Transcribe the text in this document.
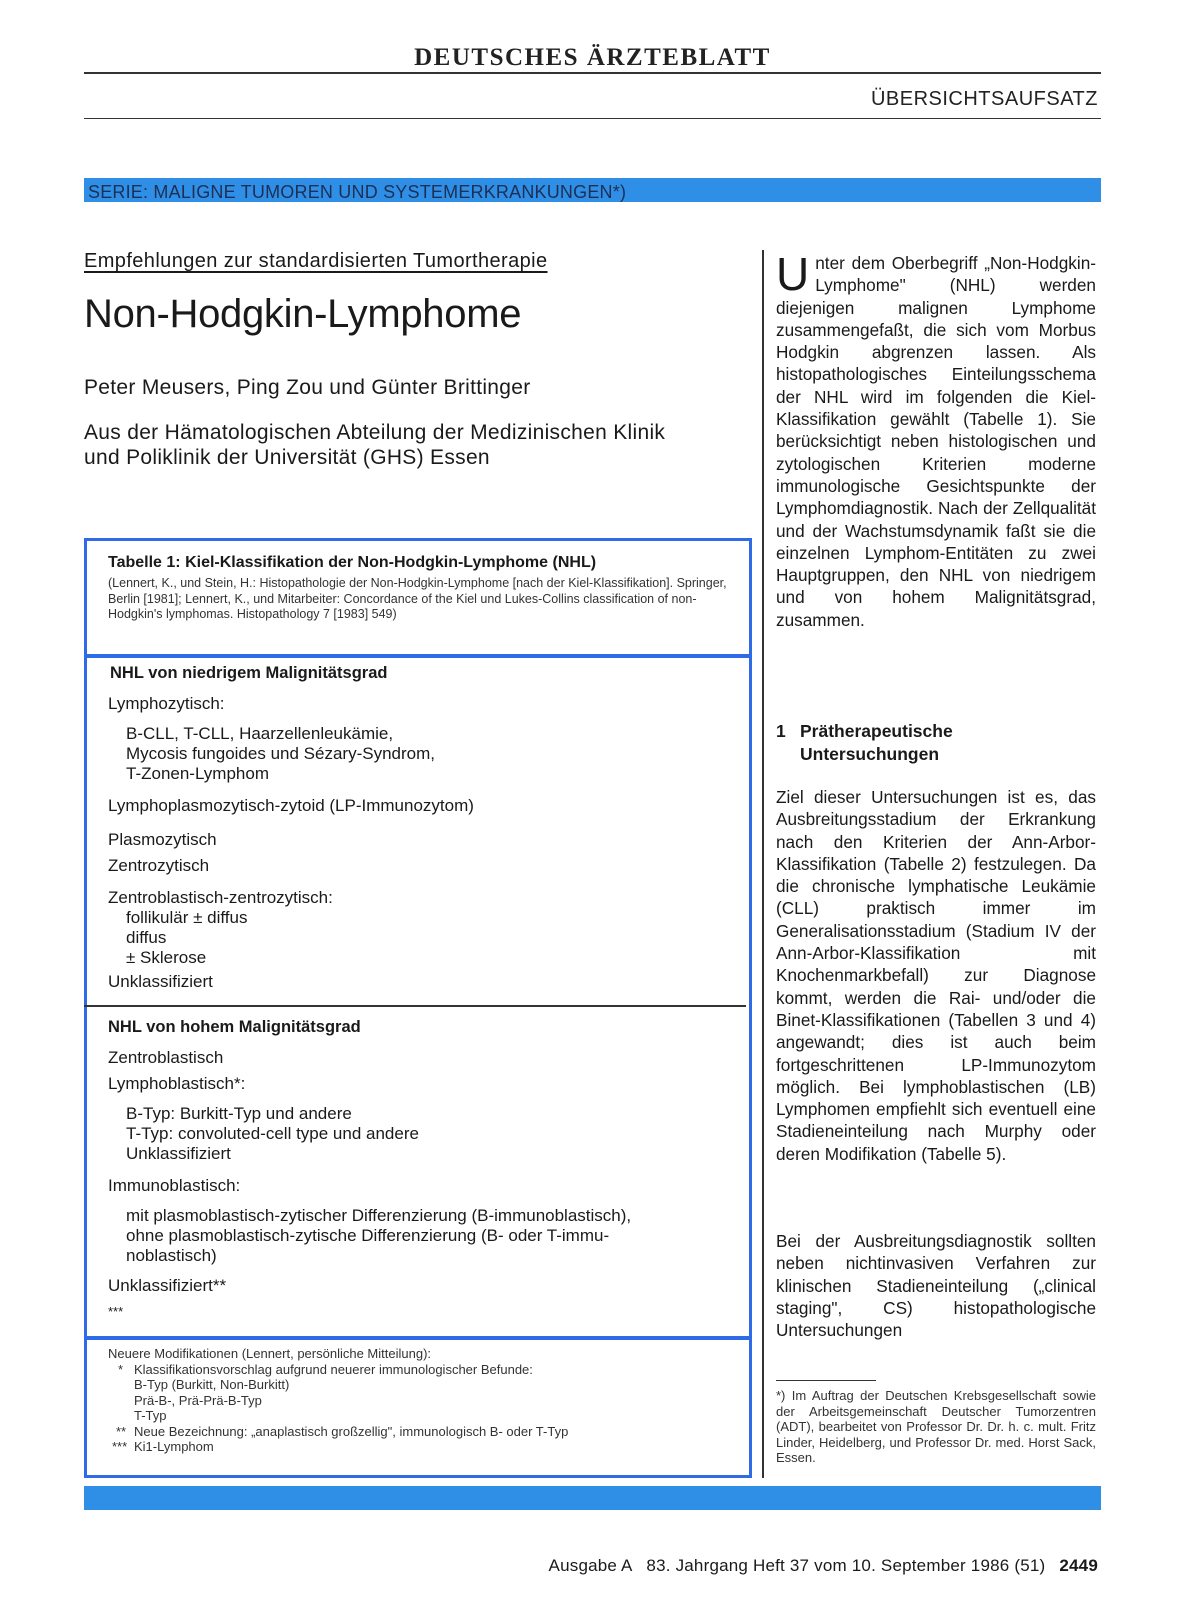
DEUTSCHES ÄRZTEBLATT
ÜBERSICHTSAUFSATZ
SERIE: MALIGNE TUMOREN UND SYSTEMERKRANKUNGEN*)
Empfehlungen zur standardisierten Tumortherapie
Non-Hodgkin-Lymphome
Peter Meusers, Ping Zou und Günter Brittinger
Aus der Hämatologischen Abteilung der Medizinischen Klinik
und Poliklinik der Universität (GHS) Essen
Tabelle 1: Kiel-Klassifikation der Non-Hodgkin-Lymphome (NHL)
(Lennert, K., und Stein, H.: Histopathologie der Non-Hodgkin-Lymphome [nach der Kiel-Klassifikation]. Springer, Berlin [1981]; Lennert, K., und Mitarbeiter: Concordance of the Kiel und Lukes-Collins classification of non-Hodgkin's lymphomas. Histopathology 7 [1983] 549)
NHL von niedrigem Malignitätsgrad
Lymphozytisch:
B-CLL, T-CLL, Haarzellenleukämie,
Mycosis fungoides und Sézary-Syndrom,
T-Zonen-Lymphom
Lymphoplasmozytisch-zytoid (LP-Immunozytom)
Plasmozytisch
Zentrozytisch
Zentroblastisch-zentrozytisch:
follikulär ± diffus
diffus
± Sklerose
Unklassifiziert
NHL von hohem Malignitätsgrad
Zentroblastisch
Lymphoblastisch*:
B-Typ: Burkitt-Typ und andere
T-Typ: convoluted-cell type und andere
Unklassifiziert
Immunoblastisch:
mit plasmoblastisch-zytischer Differenzierung (B-immunoblastisch),
ohne plasmoblastisch-zytische Differenzierung (B- oder T-immu-
noblastisch)
Unklassifiziert**
***
Neuere Modifikationen (Lennert, persönliche Mitteilung):
* Klassifikationsvorschlag aufgrund neuerer immunologischer Befunde:
B-Typ (Burkitt, Non-Burkitt)
Prä-B-, Prä-Prä-B-Typ
T-Typ
** Neue Bezeichnung: „anaplastisch großzellig", immunologisch B- oder T-Typ
*** Ki1-Lymphom
Unter dem Oberbegriff „Non-Hodgkin-Lymphome" (NHL) werden diejenigen malignen Lymphome zusammengefaßt, die sich vom Morbus Hodgkin abgrenzen lassen. Als histopathologisches Einteilungsschema der NHL wird im folgenden die Kiel-Klassifikation gewählt (Tabelle 1). Sie berücksichtigt neben histologischen und zytologischen Kriterien moderne immunologische Gesichtspunkte der Lymphomdiagnostik. Nach der Zellqualität und der Wachstumsdynamik faßt sie die einzelnen Lymphom-Entitäten zu zwei Hauptgruppen, den NHL von niedrigem und von hohem Malignitätsgrad, zusammen.
1 Prätherapeutische
Untersuchungen
Ziel dieser Untersuchungen ist es, das Ausbreitungsstadium der Erkrankung nach den Kriterien der Ann-Arbor-Klassifikation (Tabelle 2) festzulegen. Da die chronische lymphatische Leukämie (CLL) praktisch immer im Generalisationsstadium (Stadium IV der Ann-Arbor-Klassifikation mit Knochenmarkbefall) zur Diagnose kommt, werden die Rai- und/oder die Binet-Klassifikationen (Tabellen 3 und 4) angewandt; dies ist auch beim fortgeschrittenen LP-Immunozytom möglich. Bei lymphoblastischen (LB) Lymphomen empfiehlt sich eventuell eine Stadieneinteilung nach Murphy oder deren Modifikation (Tabelle 5).
Bei der Ausbreitungsdiagnostik sollten neben nichtinvasiven Verfahren zur klinischen Stadieneinteilung („clinical staging", CS) histopathologische Untersuchungen
*) Im Auftrag der Deutschen Krebsgesellschaft sowie der Arbeitsgemeinschaft Deutscher Tumorzentren (ADT), bearbeitet von Professor Dr. Dr. h. c. mult. Fritz Linder, Heidelberg, und Professor Dr. med. Horst Sack, Essen.
Ausgabe A   83. Jahrgang Heft 37 vom 10. September 1986 (51) 2449
